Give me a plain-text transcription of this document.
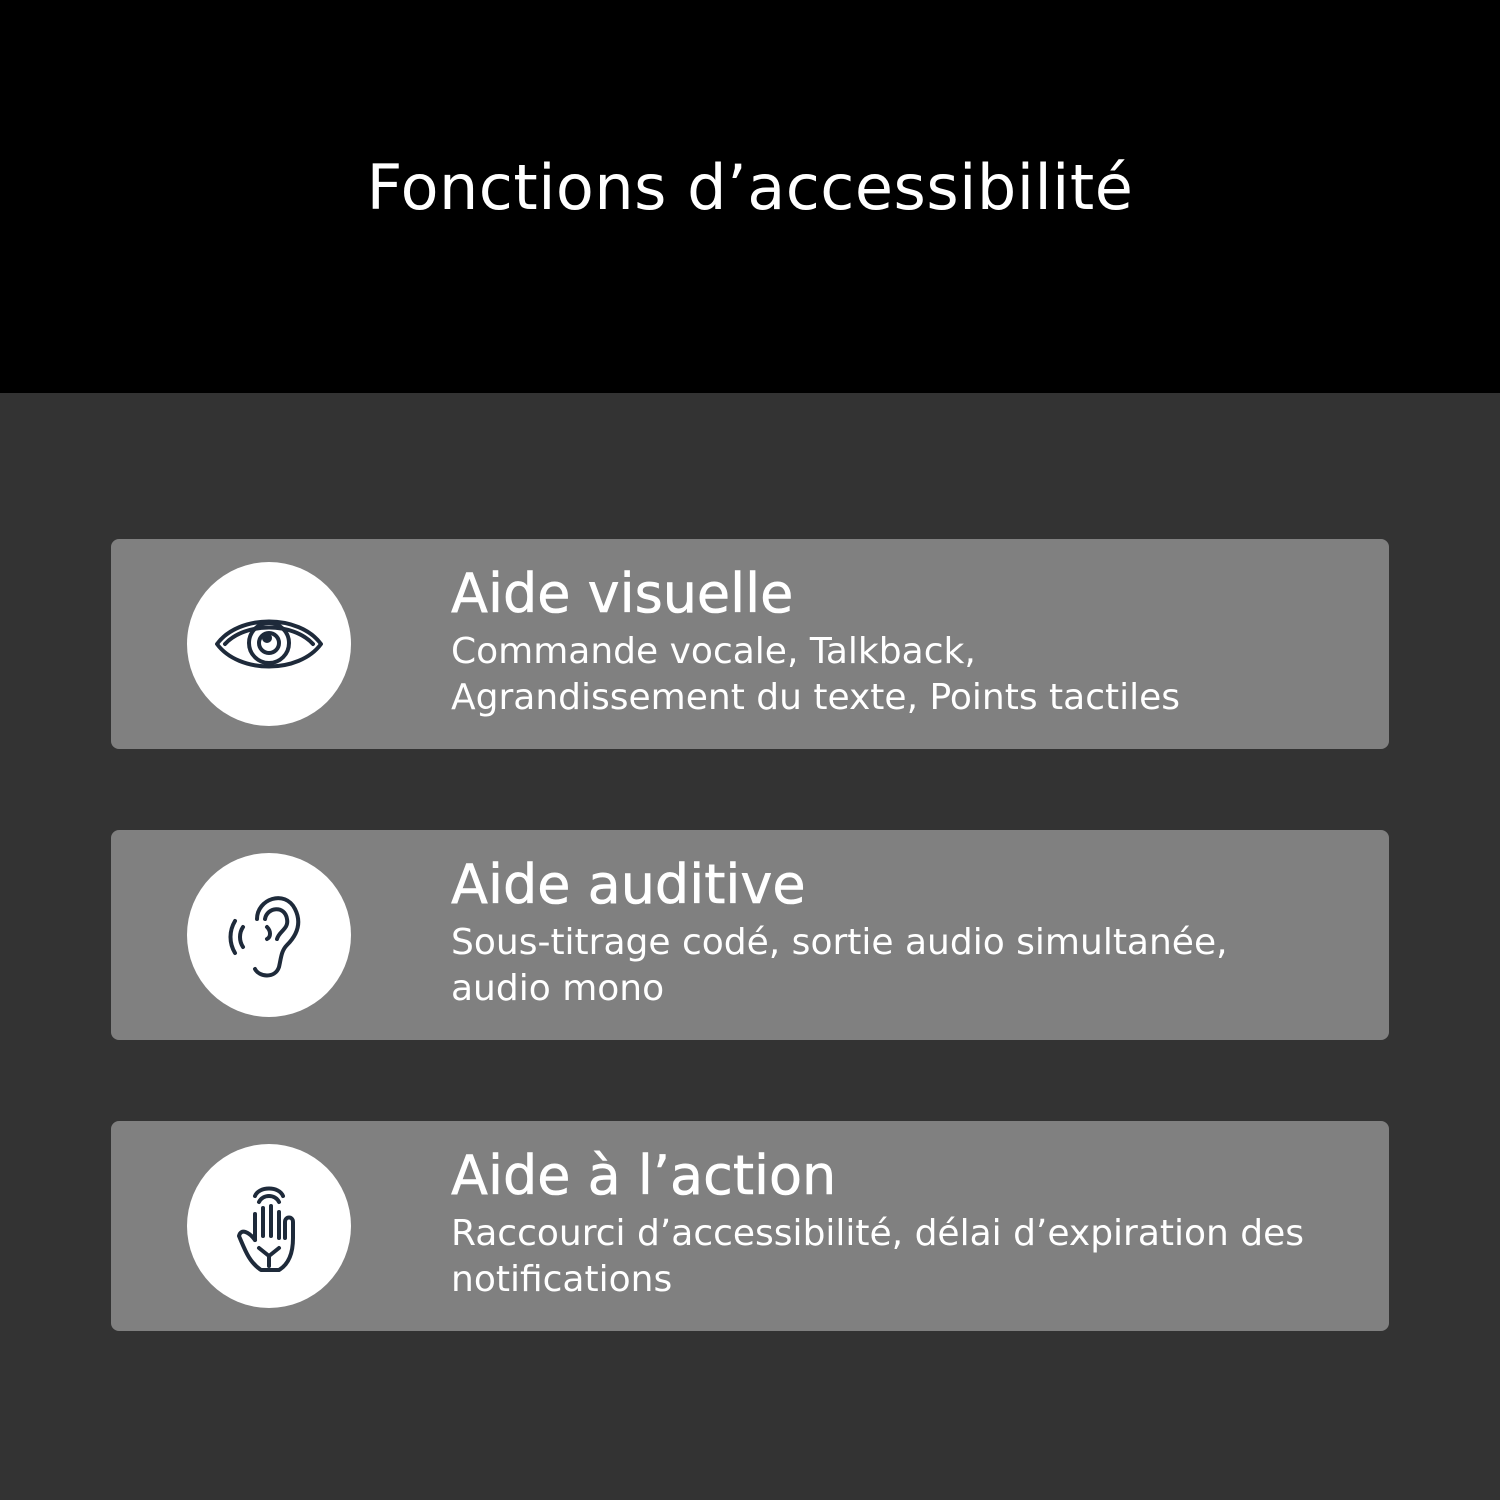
Fonctions d’accessibilité

Aide visuelle

Commande vocale, Talkback,

Agrandissement du texte, Points tactiles

Aide auditive

Sous-titrage codé, sortie audio simultanée,

audio mono

Aide à l’action

Raccourci d’accessibilité, délai d’expiration des

notifications
